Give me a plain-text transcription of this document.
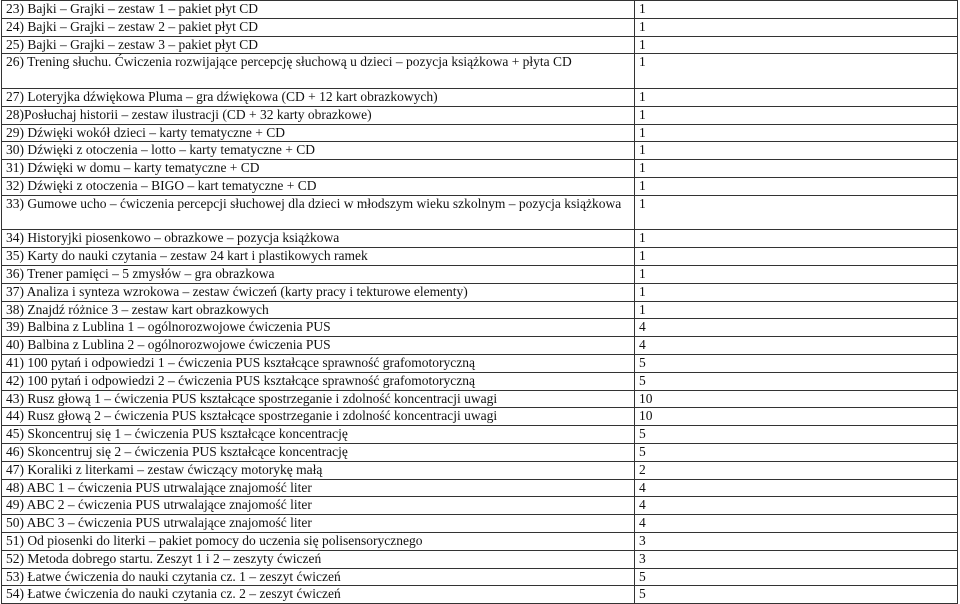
23) Bajki – Grajki – zestaw 1 – pakiet płyt CD	1
24) Bajki – Grajki – zestaw 2 – pakiet płyt CD	1
25) Bajki – Grajki – zestaw 3 – pakiet płyt CD	1
26) Trening słuchu. Ćwiczenia rozwijające percepcję słuchową u dzieci – pozycja książkowa + płyta CD	1
27) Loteryjka dźwiękowa Pluma – gra dźwiękowa (CD + 12 kart obrazkowych)	1
28)Posłuchaj historii – zestaw ilustracji (CD + 32 karty obrazkowe)	1
29) Dźwięki wokół dzieci – karty tematyczne + CD	1
30) Dźwięki z otoczenia – lotto – karty tematyczne + CD	1
31) Dźwięki w domu – karty tematyczne + CD	1
32) Dźwięki z otoczenia – BIGO – kart tematyczne + CD	1
33) Gumowe ucho – ćwiczenia percepcji słuchowej dla dzieci w młodszym wieku szkolnym – pozycja książkowa	1
34) Historyjki piosenkowo – obrazkowe – pozycja książkowa	1
35) Karty do nauki czytania – zestaw 24 kart i plastikowych ramek	1
36) Trener pamięci – 5 zmysłów – gra obrazkowa	1
37) Analiza i synteza wzrokowa – zestaw ćwiczeń (karty pracy i tekturowe elementy)	1
38) Znajdź różnice 3 – zestaw kart obrazkowych	1
39) Balbina z Lublina 1 – ogólnorozwojowe ćwiczenia PUS	4
40) Balbina z Lublina 2 – ogólnorozwojowe ćwiczenia PUS	4
41) 100 pytań i odpowiedzi 1 – ćwiczenia PUS kształcące sprawność grafomotoryczną	5
42) 100 pytań i odpowiedzi 2 – ćwiczenia PUS kształcące sprawność grafomotoryczną	5
43) Rusz głową 1 – ćwiczenia PUS kształcące spostrzeganie i zdolność koncentracji uwagi	10
44) Rusz głową 2 – ćwiczenia PUS kształcące spostrzeganie i zdolność koncentracji uwagi	10
45) Skoncentruj się 1 – ćwiczenia PUS kształcące koncentrację	5
46) Skoncentruj się 2 – ćwiczenia PUS kształcące koncentrację	5
47) Koraliki z literkami – zestaw ćwiczący motorykę małą	2
48) ABC 1 – ćwiczenia PUS utrwalające znajomość liter	4
49) ABC 2 – ćwiczenia PUS utrwalające znajomość liter	4
50) ABC 3 – ćwiczenia PUS utrwalające znajomość liter	4
51) Od piosenki do literki – pakiet pomocy do uczenia się polisensorycznego	3
52) Metoda dobrego startu. Zeszyt 1 i 2 – zeszyty ćwiczeń	3
53) Łatwe ćwiczenia do nauki czytania cz. 1 – zeszyt ćwiczeń	5
54) Łatwe ćwiczenia do nauki czytania cz. 2 – zeszyt ćwiczeń	5
